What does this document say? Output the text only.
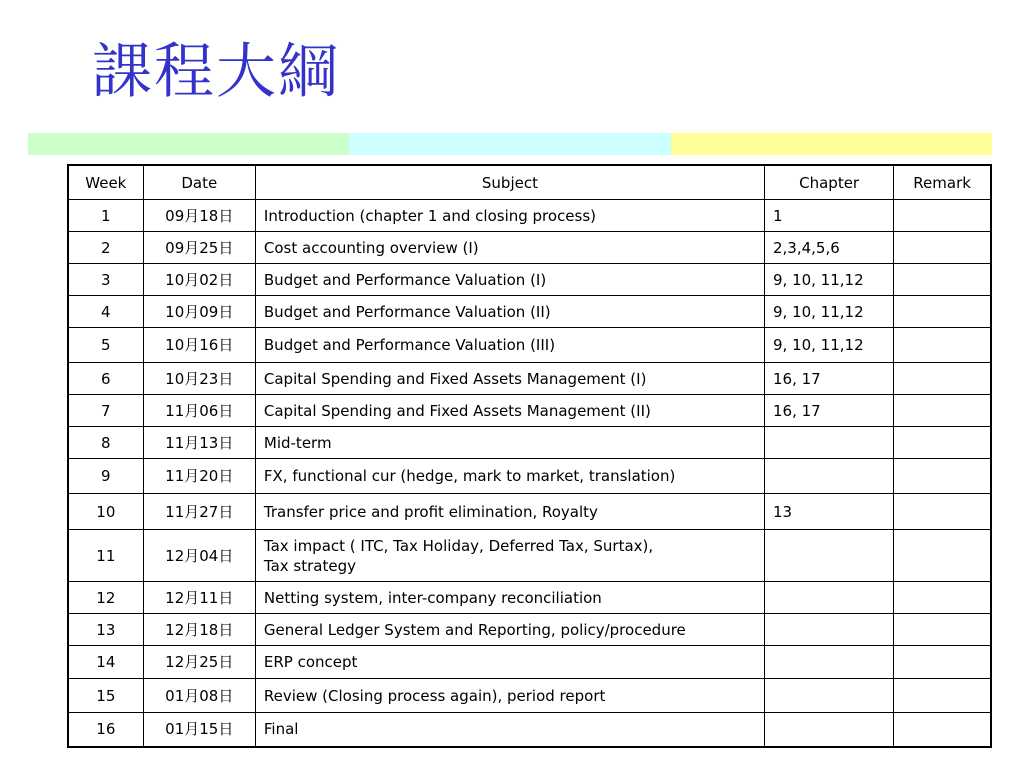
課程大綱
Week	Date	Subject	Chapter	Remark
1	09月18日	Introduction (chapter 1 and closing process)	1	
2	09月25日	Cost accounting overview (I)	2,3,4,5,6	
3	10月02日	Budget and Performance Valuation (I)	9, 10, 11,12	
4	10月09日	Budget and Performance Valuation (II)	9, 10, 11,12	
5	10月16日	Budget and Performance Valuation (III)	9, 10, 11,12	
6	10月23日	Capital Spending and Fixed Assets Management (I)	16, 17	
7	11月06日	Capital Spending and Fixed Assets Management (II)	16, 17	
8	11月13日	Mid-term		
9	11月20日	FX, functional cur (hedge, mark to market, translation)		
10	11月27日	Transfer price and profit elimination, Royalty	13	
11	12月04日	Tax impact ( ITC, Tax Holiday, Deferred Tax, Surtax),
Tax strategy		
12	12月11日	Netting system, inter-company reconciliation		
13	12月18日	General Ledger System and Reporting, policy/procedure		
14	12月25日	ERP concept		
15	01月08日	Review (Closing process again), period report		
16	01月15日	Final		
